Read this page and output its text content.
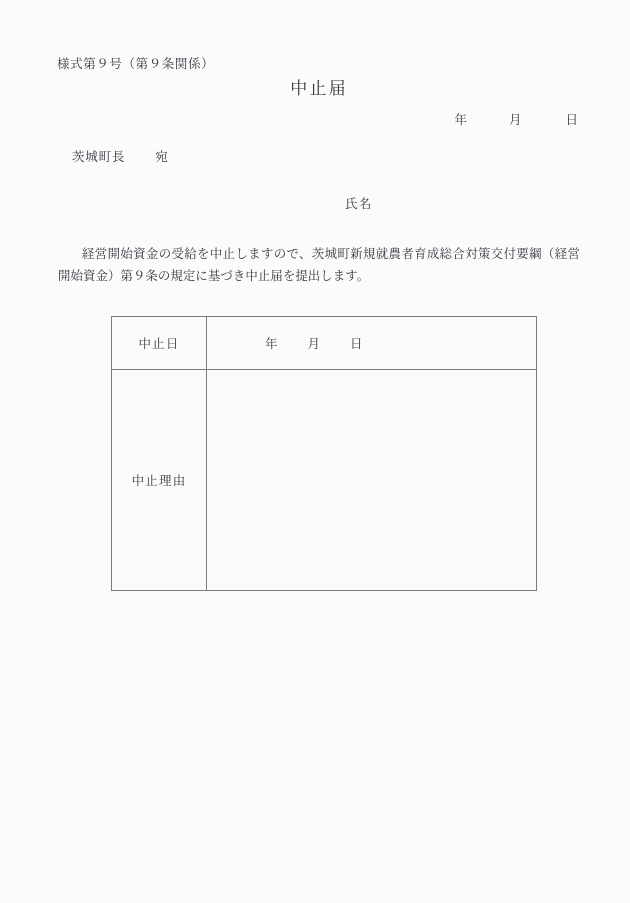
様式第９号（第９条関係）
中止届
年	月	日
茨城町長 宛
氏名
経営開始資金の受給を中止しますので、茨城町新規就農者育成総合対策交付要綱（経営開始資金）第９条の規定に基づき中止届を提出します。
中止日	年 月 日

中止理由	
